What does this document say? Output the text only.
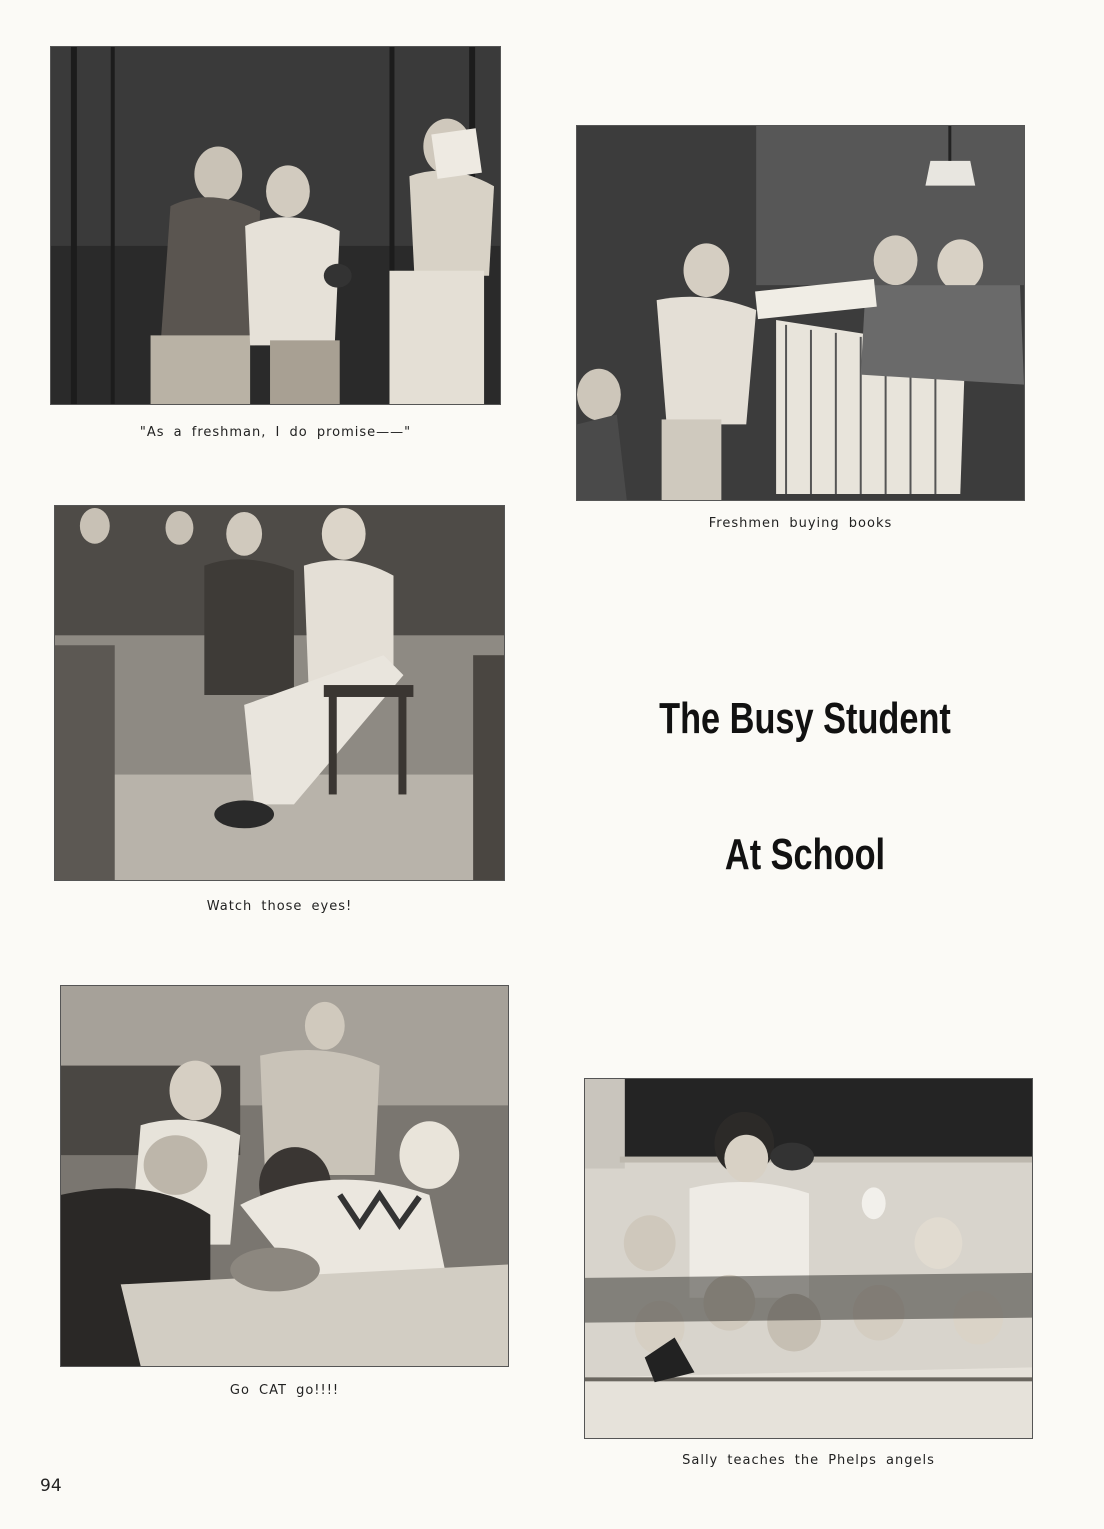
"As a freshman, I do promise——"
Freshmen buying books
Watch those eyes!
The Busy Student
At School
Go CAT go!!!!
Sally teaches the Phelps angels
94
